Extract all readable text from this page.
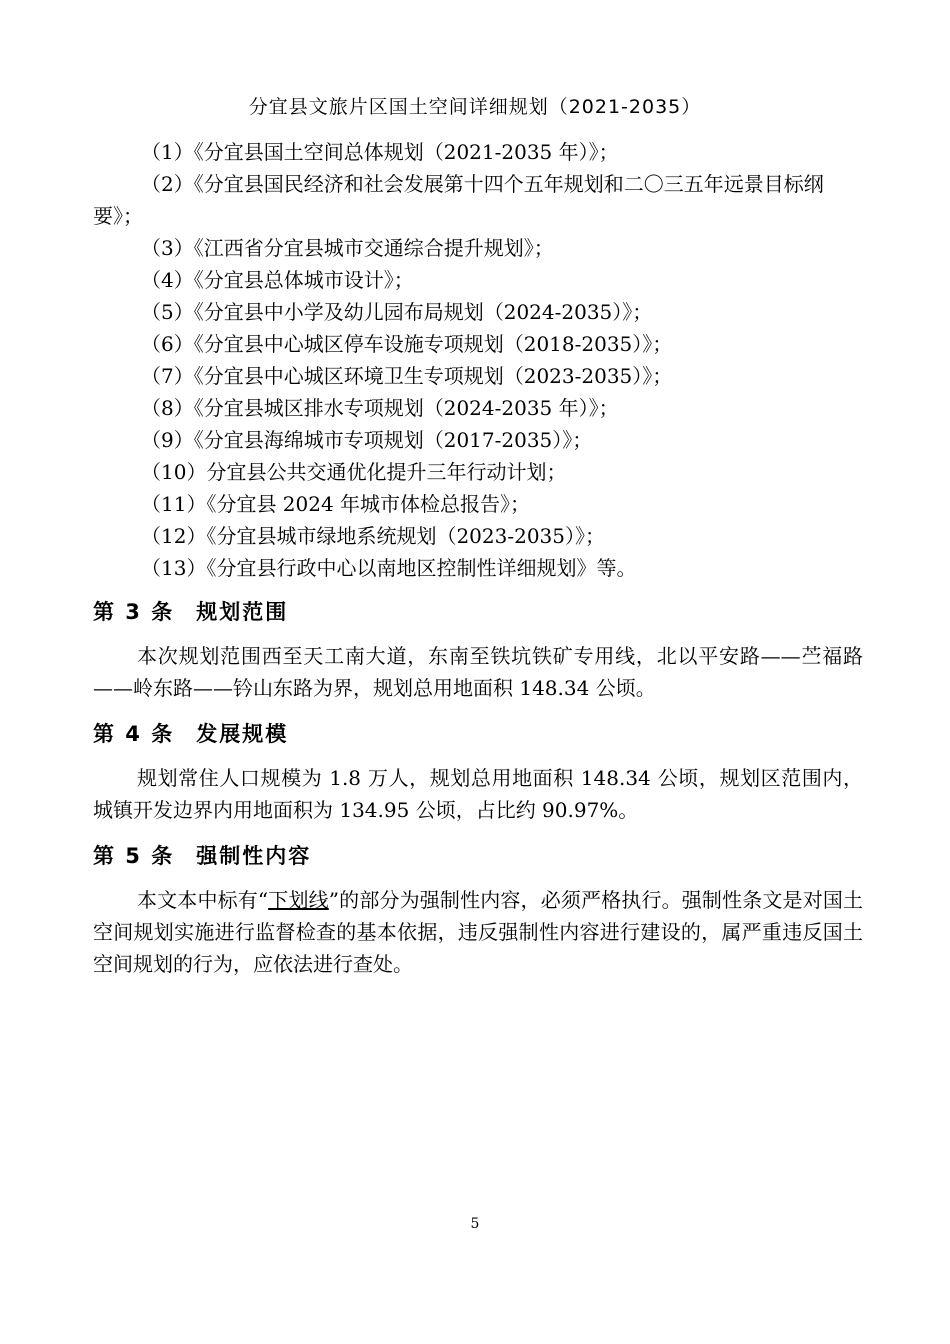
分宜县文旅片区国土空间详细规划（2021-2035）
（1）《分宜县国土空间总体规划（2021-2035 年）》；
（2）《分宜县国民经济和社会发展第十四个五年规划和二〇三五年远景目标纲要》；
（3）《江西省分宜县城市交通综合提升规划》；
（4）《分宜县总体城市设计》；
（5）《分宜县中小学及幼儿园布局规划（2024-2035）》；
（6）《分宜县中心城区停车设施专项规划（2018-2035）》；
（7）《分宜县中心城区环境卫生专项规划（2023-2035）》；
（8）《分宜县城区排水专项规划（2024-2035 年）》；
（9）《分宜县海绵城市专项规划（2017-2035）》；
（10）分宜县公共交通优化提升三年行动计划；
（11）《分宜县 2024 年城市体检总报告》；
（12）《分宜县城市绿地系统规划（2023-2035）》；
（13）《分宜县行政中心以南地区控制性详细规划》等。
第 3 条 规划范围

本次规划范围西至天工南大道，东南至铁坑铁矿专用线，北以平安路——苎福路——岭东路——钤山东路为界，规划总用地面积 148.34 公顷。

第 4 条 发展规模

规划常住人口规模为 1.8 万人，规划总用地面积 148.34 公顷，规划区范围内，城镇开发边界内用地面积为 134.95 公顷，占比约 90.97%。

第 5 条 强制性内容

本文本中标有“下划线”的部分为强制性内容，必须严格执行。强制性条文是对国土空间规划实施进行监督检查的基本依据，违反强制性内容进行建设的，属严重违反国土空间规划的行为，应依法进行查处。

5
